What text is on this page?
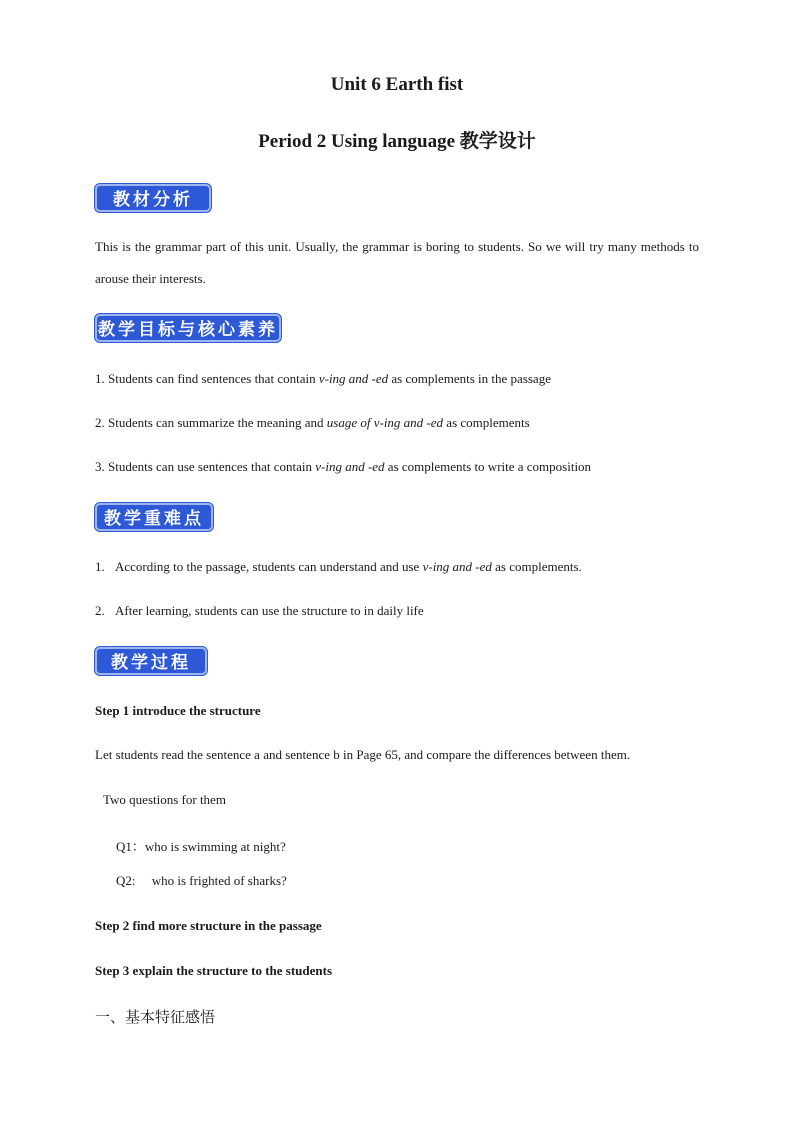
Unit 6 Earth fist
Period 2 Using language 教学设计
教材分析
This is the grammar part of this unit. Usually, the grammar is boring to students. So we will try many methods to arouse their interests.
教学目标与核心素养
1. Students can find sentences that contain v-ing and -ed as complements in the passage
2. Students can summarize the meaning and usage of v-ing and -ed as complements
3. Students can use sentences that contain v-ing and -ed as complements to write a composition
教学重难点
1. According to the passage, students can understand and use v-ing and -ed as complements.
2. After learning, students can use the structure to in daily life
教学过程
Step 1 introduce the structure
Let students read the sentence a and sentence b in Page 65, and compare the differences between them.
Two questions for them
Q1：who is swimming at night?
Q2:     who is frighted of sharks?
Step 2 find more structure in the passage
Step 3 explain the structure to the students
一、基本特征感悟
